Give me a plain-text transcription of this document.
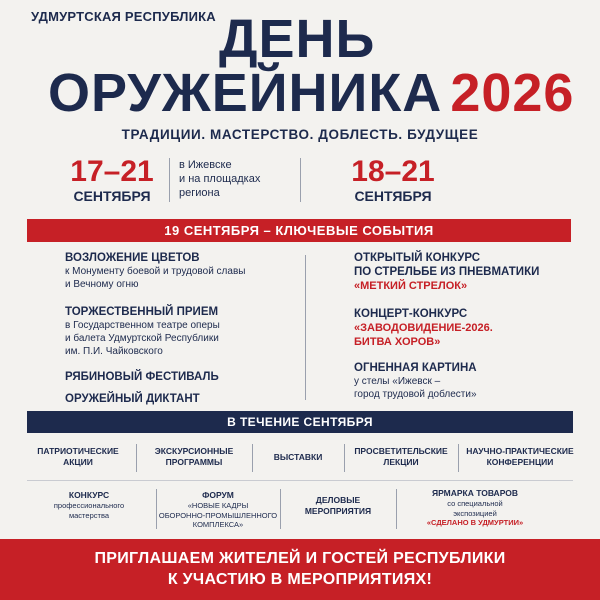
УДМУРТСКАЯ РЕСПУБЛИКА ДЕНЬ
ОРУЖЕЙНИКА 2026
ТРАДИЦИИ. МАСТЕРСТВО. ДОБЛЕСТЬ. БУДУЩЕЕ
17–21
СЕНТЯБРЯ
в Ижевске
и на площадках
региона
18–21
СЕНТЯБРЯ
19 СЕНТЯБРЯ – КЛЮЧЕВЫЕ СОБЫТИЯ
ВОЗЛОЖЕНИЕ ЦВЕТОВ
к Монументу боевой и трудовой славы
и Вечному огню
ТОРЖЕСТВЕННЫЙ ПРИЕМ
в Государственном театре оперы
и балета Удмуртской Республики
им. П.И. Чайковского
РЯБИНОВЫЙ ФЕСТИВАЛЬ
ОРУЖЕЙНЫЙ ДИКТАНТ
ОТКРЫТЫЙ КОНКУРС
ПО СТРЕЛЬБЕ ИЗ ПНЕВМАТИКИ
«МЕТКИЙ СТРЕЛОК»
КОНЦЕРТ-КОНКУРС
«ЗАВОДОВИДЕНИЕ-2026.
БИТВА ХОРОВ»
ОГНЕННАЯ КАРТИНА
у стелы «Ижевск –
город трудовой доблести»
В ТЕЧЕНИЕ СЕНТЯБРЯ
ПАТРИОТИЧЕСКИЕ
АКЦИИ
ЭКСКУРСИОННЫЕ
ПРОГРАММЫ	ВЫСТАВКИ
ПРОСВЕТИТЕЛЬСКИЕ
ЛЕКЦИИ
НАУЧНО-ПРАКТИЧЕСКИЕ
КОНФЕРЕНЦИИ
КОНКУРС
профессионального
мастерства
ФОРУМ
«НОВЫЕ КАДРЫ
ОБОРОННО-ПРОМЫШЛЕННОГО
КОМПЛЕКСА»
ДЕЛОВЫЕ
МЕРОПРИЯТИЯ
ЯРМАРКА ТОВАРОВ
со специальной
экспозицией
«СДЕЛАНО В УДМУРТИИ»
ПРИГЛАШАЕМ ЖИТЕЛЕЙ И ГОСТЕЙ РЕСПУБЛИКИ
К УЧАСТИЮ В МЕРОПРИЯТИЯХ!
